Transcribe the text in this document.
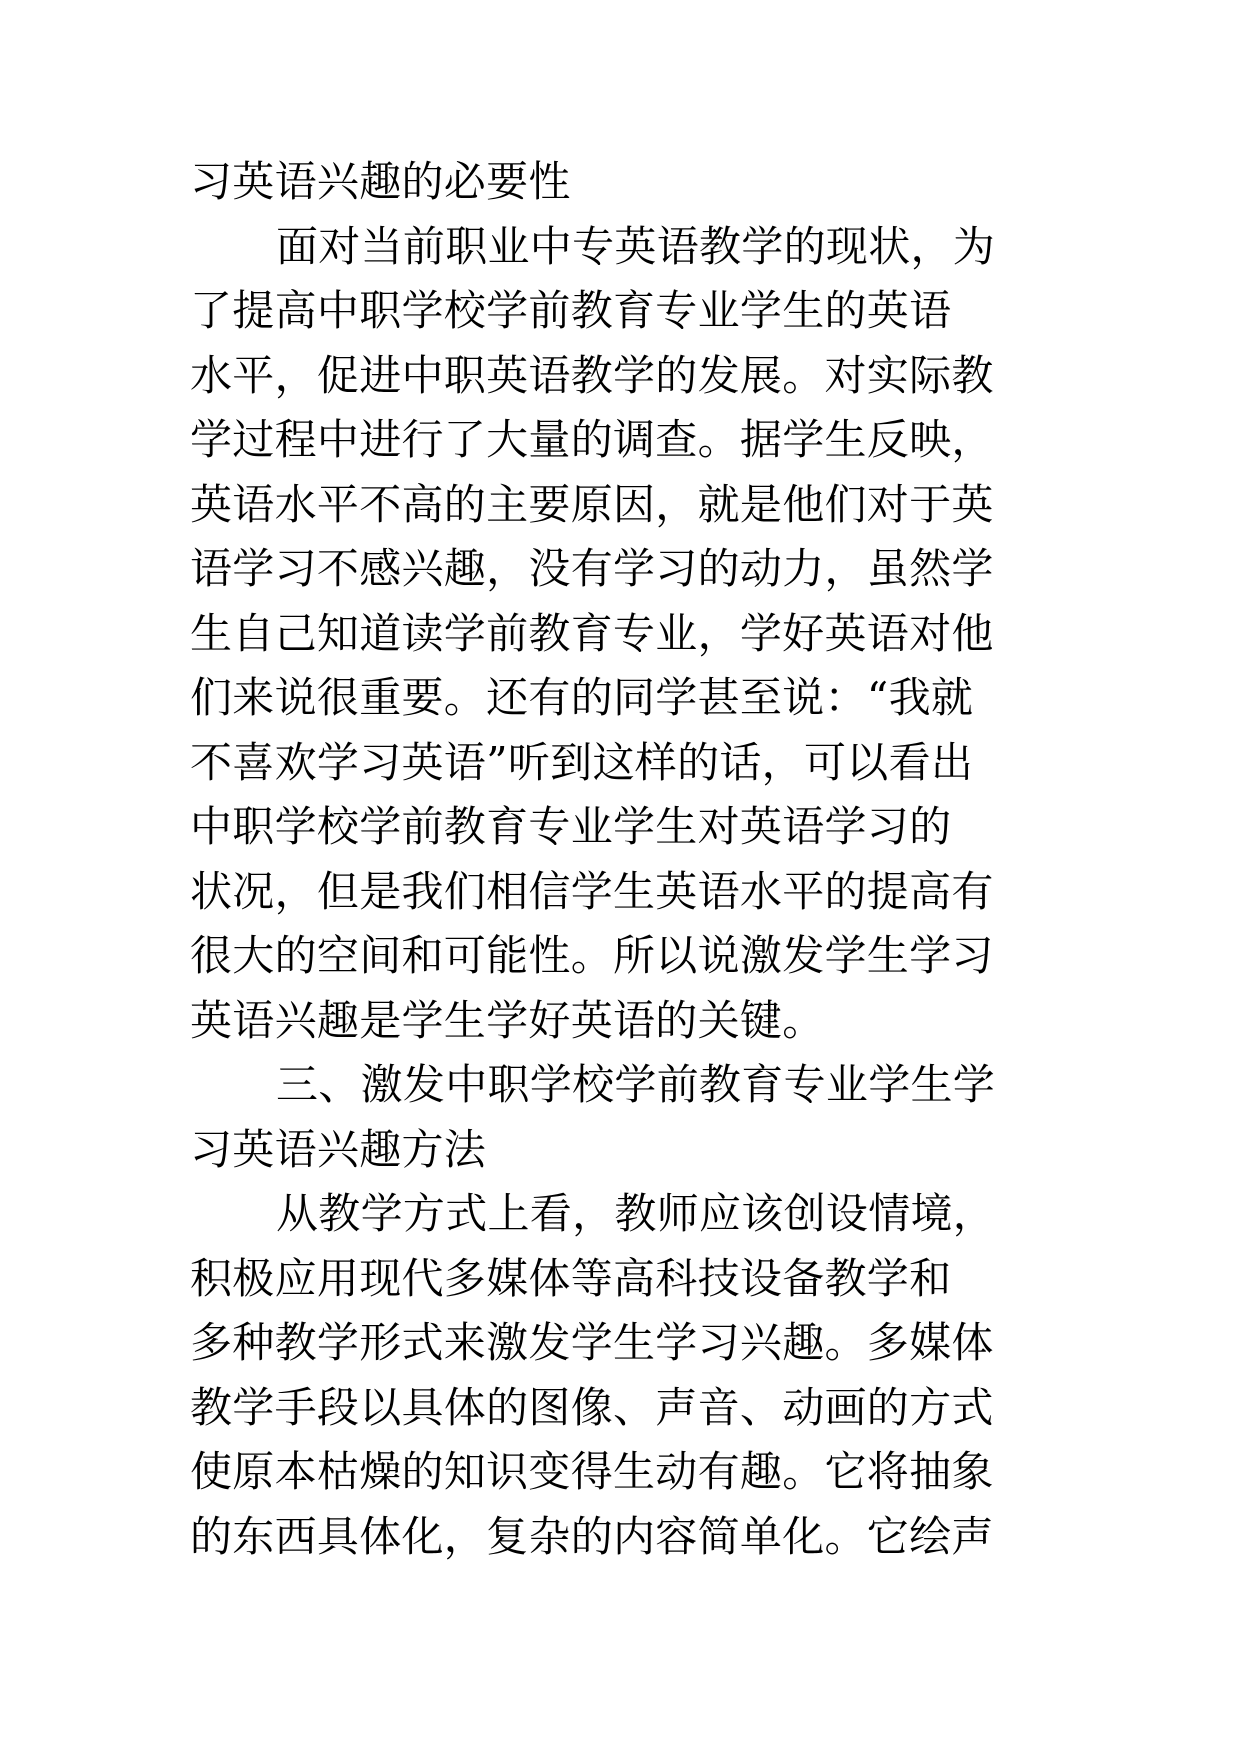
习英语兴趣的必要性
面对当前职业中专英语教学的现状，为
了提高中职学校学前教育专业学生的英语
水平，促进中职英语教学的发展。对实际教
学过程中进行了大量的调查。据学生反映，
英语水平不高的主要原因，就是他们对于英
语学习不感兴趣，没有学习的动力，虽然学
生自己知道读学前教育专业，学好英语对他
们来说很重要。还有的同学甚至说：“我就
不喜欢学习英语”听到这样的话，可以看出
中职学校学前教育专业学生对英语学习的
状况，但是我们相信学生英语水平的提高有
很大的空间和可能性。所以说激发学生学习
英语兴趣是学生学好英语的关键。
三、激发中职学校学前教育专业学生学
习英语兴趣方法
从教学方式上看，教师应该创设情境，
积极应用现代多媒体等高科技设备教学和
多种教学形式来激发学生学习兴趣。多媒体
教学手段以具体的图像、声音、动画的方式
使原本枯燥的知识变得生动有趣。它将抽象
的东西具体化，复杂的内容简单化。它绘声
